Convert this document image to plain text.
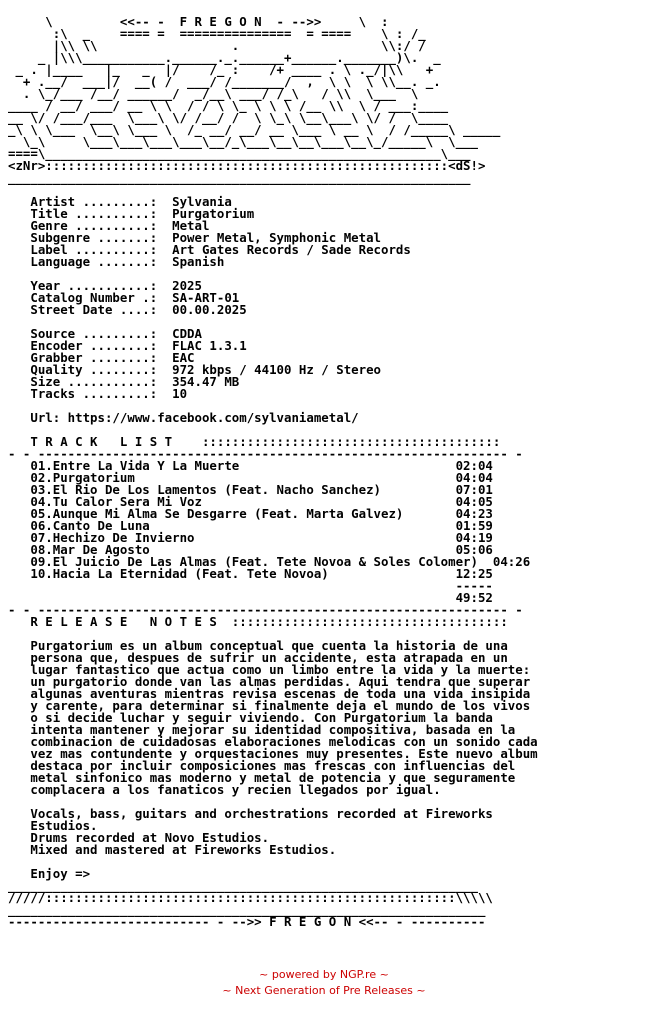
\         <<-- -  F R E G O N  - -->>     \  :
:\  _    ==== =  ===============  = ====    \ : /_
|\\ \\                  .                   \\:/ /
_ |\\\___________.______._.______+______._______)\.  _
_ . |____   |_   _  |/    /_ :    /+ ____ . \ ._/|\\   +
+ .__/  ___|/  __( /  ___/ /_______/  ,  \ \  \ \\__. _.
. \_/___ /__/ ______/  _/__\ ___/ /_\   / \\  \___  \
____ / __/ ___/ __ \ \  / / \ \_ \ \ \ /__ \\  \ / ___:____
__ \/ /___/___  \___\ \/ /__/ /  \ \_\ \__\___\ \/ /  \____
_\ \ \___  \__\ \___ \  /_ __/ __/ __ \___ \ __ \  / /_____\ _____
\_\     \___\___\___\___\__/_\___\__\__\___\__\_/_____\  \___
====\_____________________________________________________\___
<zNr>::::::::::::::::::::::::::::::::::::::::::::::::::::::<dS!>
______________________________________________________________

Artist .........:  Sylvania
Title ..........:  Purgatorium
Genre ..........:  Metal
Subgenre .......:  Power Metal, Symphonic Metal
Label ..........:  Art Gates Records / Sade Records
Language .......:  Spanish

Year ...........:  2025
Catalog Number .:  SA-ART-01
Street Date ....:  00.00.2025

Source .........:  CDDA
Encoder ........:  FLAC 1.3.1
Grabber ........:  EAC
Quality ........:  972 kbps / 44100 Hz / Stereo
Size ...........:  354.47 MB
Tracks .........:  10

Url: https://www.facebook.com/sylvaniametal/

T R A C K   L I S T    ::::::::::::::::::::::::::::::::::::::::
- - --------------------------------------------------------------- -
01.Entre La Vida Y La Muerte                             02:04
02.Purgatorium                                           04:04
03.El Rio De Los Lamentos (Feat. Nacho Sanchez)          07:01
04.Tu Calor Sera Mi Voz                                  04:05
05.Aunque Mi Alma Se Desgarre (Feat. Marta Galvez)       04:23
06.Canto De Luna                                         01:59
07.Hechizo De Invierno                                   04:19
08.Mar De Agosto                                         05:06
09.El Juicio De Las Almas (Feat. Tete Novoa & Soles Colomer)  04:26
10.Hacia La Eternidad (Feat. Tete Novoa)                 12:25
-----
49:52
- - --------------------------------------------------------------- -
R E L E A S E   N O T E S  :::::::::::::::::::::::::::::::::::::

Purgatorium es un album conceptual que cuenta la historia de una
persona que, despues de sufrir un accidente, esta atrapada en un
lugar fantastico que actua como un limbo entre la vida y la muerte:
un purgatorio donde van las almas perdidas. Aqui tendra que superar
algunas aventuras mientras revisa escenas de toda una vida insipida
y carente, para determinar si finalmente deja el mundo de los vivos
o si decide luchar y seguir viviendo. Con Purgatorium la banda
intenta mantener y mejorar su identidad compositiva, basada en la
combinacion de cuidadosas elaboraciones melodicas con un sonido cada
vez mas contundente y orquestaciones muy presentes. Este nuevo album
destaca por incluir composiciones mas frescas con influencias del
metal sinfonico mas moderno y metal de potencia y que seguramente
complacera a los fanaticos y recien llegados por igual.

Vocals, bass, guitars and orchestrations recorded at Fireworks
Estudios.
Drums recorded at Novo Estudios.
Mixed and mastered at Fireworks Estudios.

Enjoy =>
_______________________________________________________________
/////:::::::::::::::::::::::::::::::::::::::::::::::::::::::\\\\\
________________________________________________________________
--------------------------- - -->> F R E G O N <<-- - ----------
~ powered by NGP.re ~
~ Next Generation of Pre Releases ~
